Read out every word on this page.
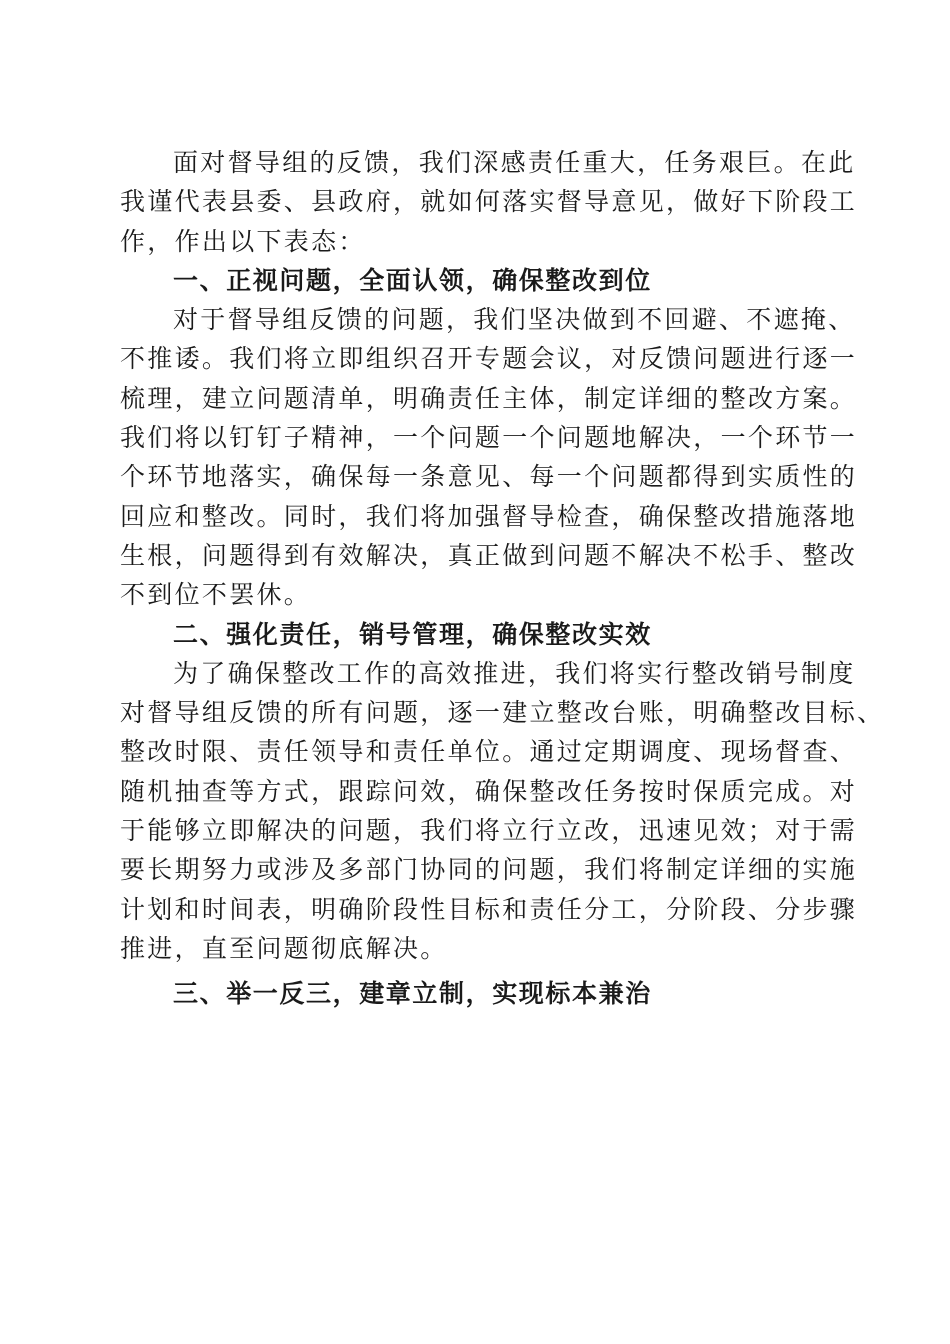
面对督导组的反馈，我们深感责任重大，任务艰巨。在此
我谨代表县委、县政府，就如何落实督导意见，做好下阶段工
作，作出以下表态：
一、正视问题，全面认领，确保整改到位
对于督导组反馈的问题，我们坚决做到不回避、不遮掩、
不推诿。我们将立即组织召开专题会议，对反馈问题进行逐一
梳理，建立问题清单，明确责任主体，制定详细的整改方案。
我们将以钉钉子精神，一个问题一个问题地解决，一个环节一
个环节地落实，确保每一条意见、每一个问题都得到实质性的
回应和整改。同时，我们将加强督导检查，确保整改措施落地
生根，问题得到有效解决，真正做到问题不解决不松手、整改
不到位不罢休。
二、强化责任，销号管理，确保整改实效
为了确保整改工作的高效推进，我们将实行整改销号制度
对督导组反馈的所有问题，逐一建立整改台账，明确整改目标、
整改时限、责任领导和责任单位。通过定期调度、现场督查、
随机抽查等方式，跟踪问效，确保整改任务按时保质完成。对
于能够立即解决的问题，我们将立行立改，迅速见效；对于需
要长期努力或涉及多部门协同的问题，我们将制定详细的实施
计划和时间表，明确阶段性目标和责任分工，分阶段、分步骤
推进，直至问题彻底解决。
三、举一反三，建章立制，实现标本兼治
